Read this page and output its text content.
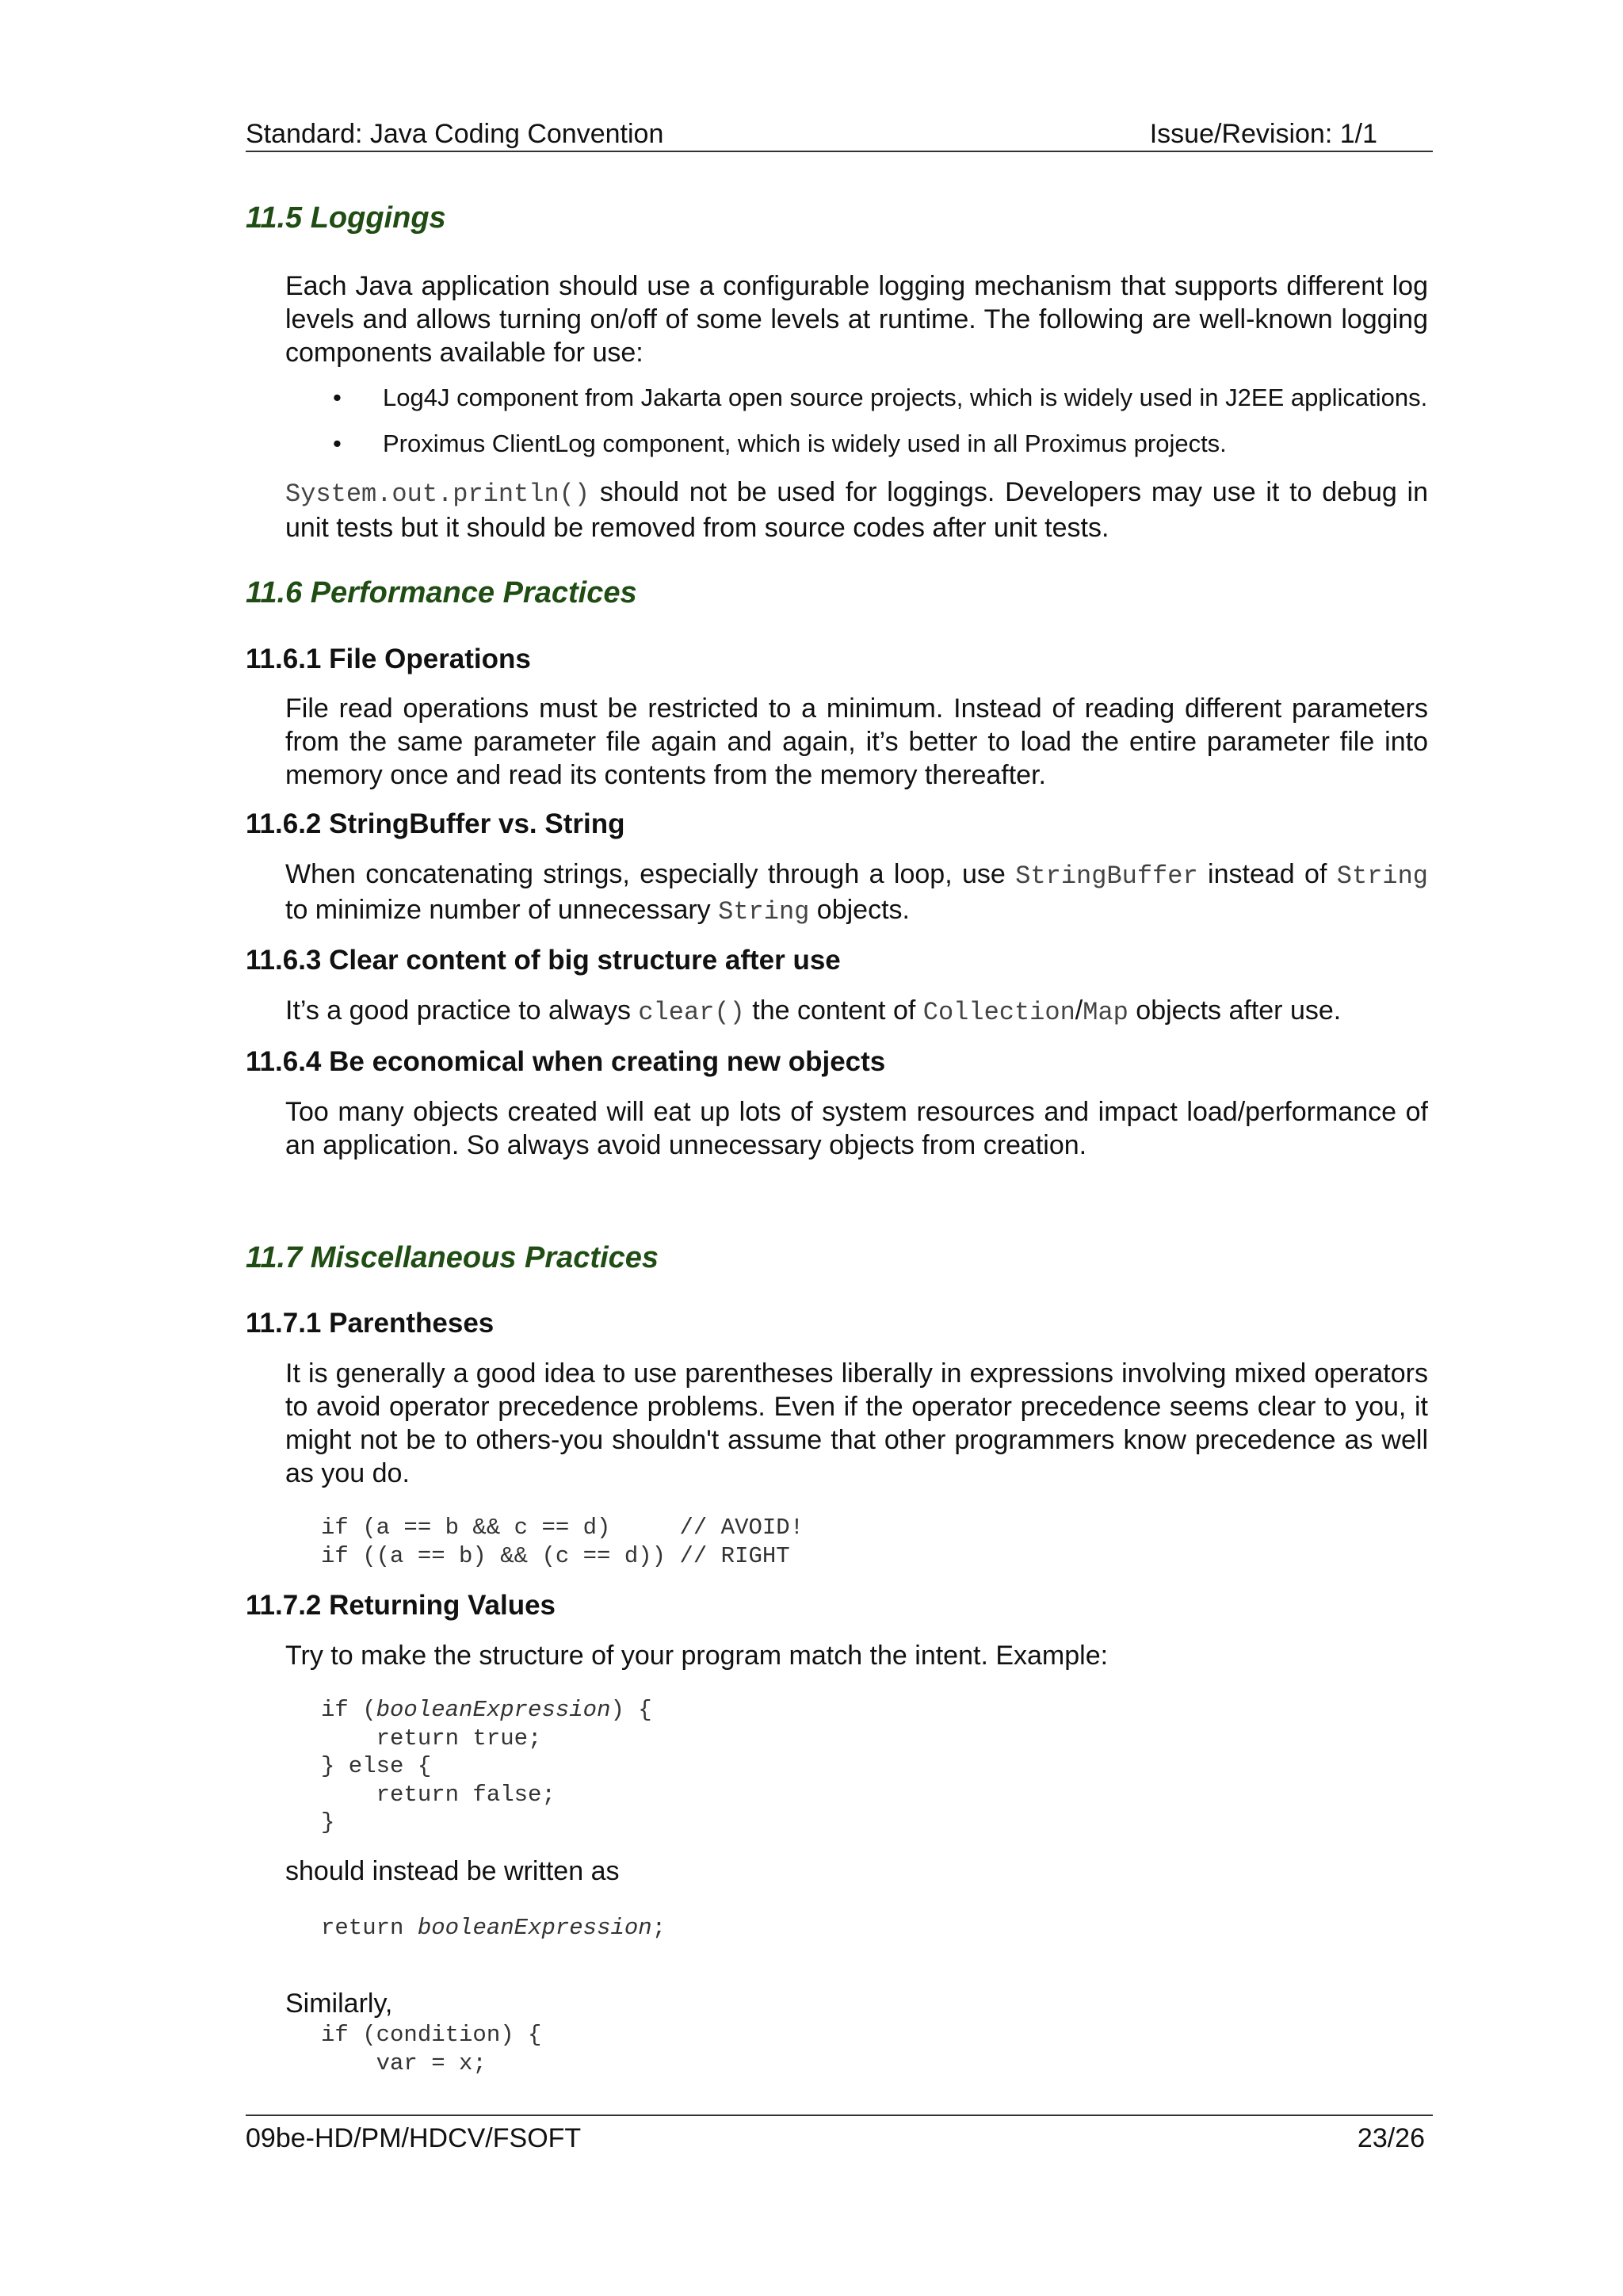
Standard: Java Coding Convention	Issue/Revision: 1/1
11.5 Loggings

Each Java application should use a configurable logging mechanism that supports different log levels and allows turning on/off of some levels at runtime. The following are well-known logging components available for use:

• Log4J component from Jakarta open source projects, which is widely used in J2EE applications.
• Proximus ClientLog component, which is widely used in all Proximus projects.

System.out.println() should not be used for loggings. Developers may use it to debug in unit tests but it should be removed from source codes after unit tests.

11.6 Performance Practices
11.6.1 File Operations

File read operations must be restricted to a minimum. Instead of reading different parameters from the same parameter file again and again, it’s better to load the entire parameter file into memory once and read its contents from the memory thereafter.

11.6.2 StringBuffer vs. String

When concatenating strings, especially through a loop, use StringBuffer instead of String to minimize number of unnecessary String objects.

11.6.3 Clear content of big structure after use

It’s a good practice to always clear() the content of Collection/Map objects after use.

11.6.4 Be economical when creating new objects

Too many objects created will eat up lots of system resources and impact load/performance of an application. So always avoid unnecessary objects from creation.

11.7 Miscellaneous Practices
11.7.1 Parentheses

It is generally a good idea to use parentheses liberally in expressions involving mixed operators to avoid operator precedence problems. Even if the operator precedence seems clear to you, it might not be to others-you shouldn't assume that other programmers know precedence as well as you do.

if (a == b && c == d)     // AVOID!
if ((a == b) && (c == d)) // RIGHT
11.7.2 Returning Values

Try to make the structure of your program match the intent. Example:

if (booleanExpression) {
return true;
} else {
return false;
}

should instead be written as

return booleanExpression;

Similarly,

if (condition) {
var = x;
09be-HD/PM/HDCV/FSOFT	23/26
